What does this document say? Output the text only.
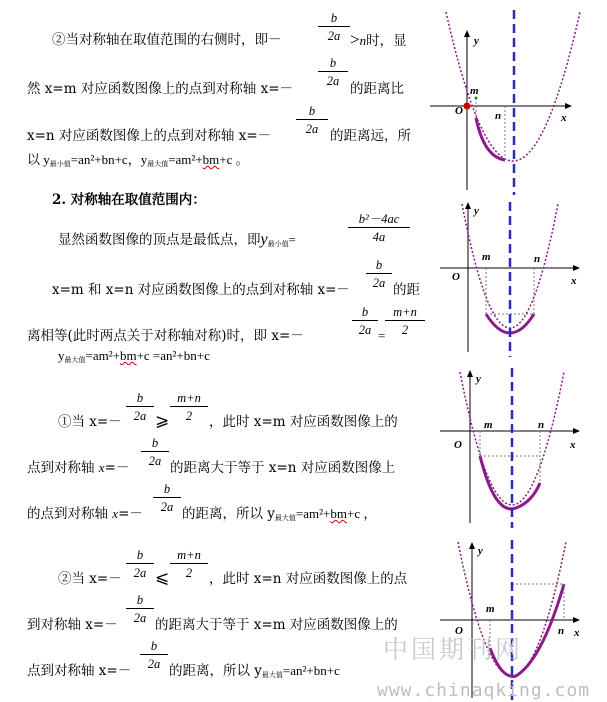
②当对称轴在取值范围的右侧时，即－	$\frac{b}{2a} >n$时，显
然 x=m 对应函数图像上的点到对称轴 x=－
$\frac{b}{2a}$
的距离比
x=n 对应函数图像上的点到对称轴 $x=- \frac{b}{2a}$ 的距离远，所
以 $y_{最小值}=an^2+bn+c$，$y_{最大值}=am^2+bm+c$ 。
2. 对称轴在取值范围内：
显然函数图像的顶点是最低点，即$y_{最小值}=$	$\frac{\text{b²－4ac}}{4a}$
x=m 和 x=n 对应函数图像上的点到对称轴 $x=- \frac{b}{2a}$ 的距
离相等(此时两点关于对称轴对称)时，即 x=－	$\frac{b}{2a} = \frac{m+n}{2}$
$y_{最大值}=am^2+bm+c =an^2+bn+c$
①当 $x=- \frac{b}{2a}$ ⩾ $\frac{m+n}{2}$ ，此时 x=m 对应函数图像上的
点到对称轴 $x=- \frac{b}{2a}$ 的距离大于等于 x=n 对应函数图像上
的点到对称轴 $x=- \frac{b}{2a}$ 的距离，所以 $y_{最大值}=am^2+bm+c$ ，
②当 $x=- \frac{b}{2a}$ ⩽ $\frac{m+n}{2}$ ，此时 x=n 对应函数图像上的点
到对称轴 $x=- \frac{b}{2a}$ 的距离大于等于 x=m 对应函数图像上的
点到对称轴 $x=- \frac{b}{2a}$ 的距离，所以 $y_{最大值}=an^2+bn+c$
y
x
O
m
n
y
x
O
m	n
y
x
O
m	n
y
x
O
m
n
中国期刊网
www.chinaqking.com
